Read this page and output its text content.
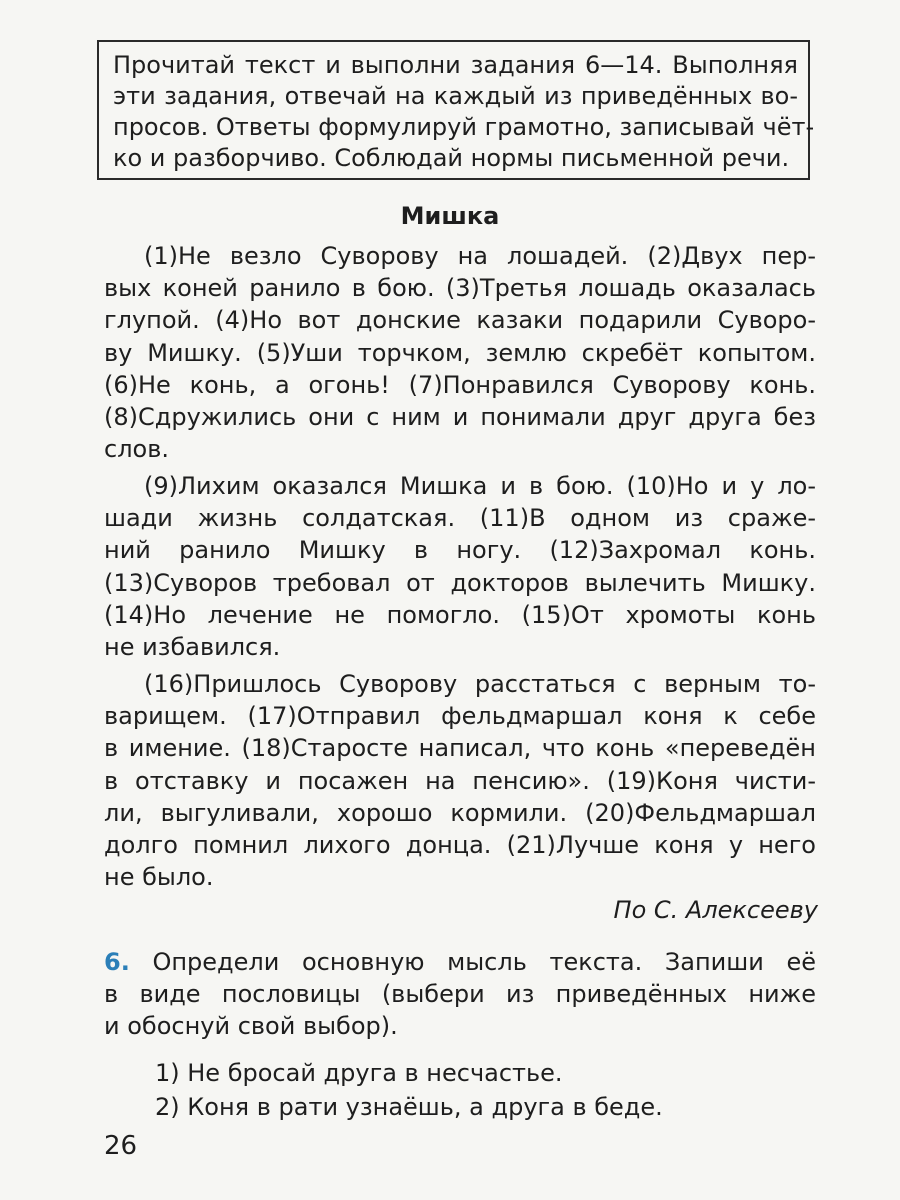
Прочитай текст и выполни задания 6—14. Выполняя
эти задания, отвечай на каждый из приведённых во-
просов. Ответы формулируй грамотно, записывай чёт-
ко и разборчиво. Соблюдай нормы письменной речи.
Мишка
(1)Не везло Суворову на лошадей. (2)Двух пер-
вых коней ранило в бою. (3)Третья лошадь оказалась
глупой. (4)Но вот донские казаки подарили Суворо-
ву Мишку. (5)Уши торчком, землю скребёт копытом.
(6)Не конь, а огонь! (7)Понравился Суворову конь.
(8)Сдружились они с ним и понимали друг друга без
слов.
(9)Лихим оказался Мишка и в бою. (10)Но и у ло-
шади жизнь солдатская. (11)В одном из сраже-
ний ранило Мишку в ногу. (12)Захромал конь.
(13)Суворов требовал от докторов вылечить Мишку.
(14)Но лечение не помогло. (15)От хромоты конь
не избавился.
(16)Пришлось Суворову расстаться с верным то-
варищем. (17)Отправил фельдмаршал коня к себе
в имение. (18)Старосте написал, что конь «переведён
в отставку и посажен на пенсию». (19)Коня чисти-
ли, выгуливали, хорошо кормили. (20)Фельдмаршал
долго помнил лихого донца. (21)Лучше коня у него
не было.
По С. Алексееву
6. Определи основную мысль текста. Запиши её
в виде пословицы (выбери из приведённых ниже
и обоснуй свой выбор).
1) Не бросай друга в несчастье.
2) Коня в рати узнаёшь, а друга в беде.
26
